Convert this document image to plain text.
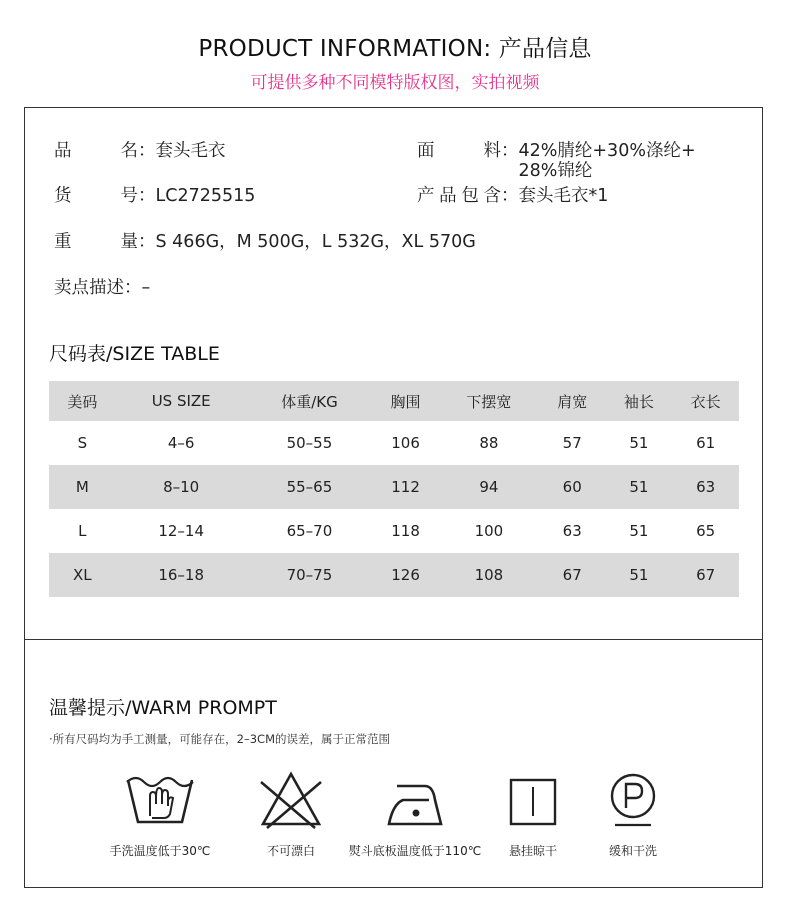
PRODUCT INFORMATION: 产品信息
可提供多种不同模特版权图，实拍视频
品名：套头毛衣
货号：LC2725515
重量：S 466G，M 500G，L 532G，XL 570G
卖点描述：–
面料： 42%腈纶+30%涤纶+
28%锦纶
产品包含：套头毛衣*1
尺码表/SIZE TABLE
美码	US SIZE	体重/KG	胸围	下摆宽	肩宽	袖长	衣长
S	4–6	50–55	106	88	57	51	61
M	8–10	55–65	112	94	60	51	63
L	12–14	65–70	118	100	63	51	65
XL	16–18	70–75	126	108	67	51	67
温馨提示/WARM PROMPT
·所有尺码均为手工测量，可能存在，2–3CM的误差，属于正常范围
手洗温度低于30℃	不可漂白	熨斗底板温度低于110℃	悬挂晾干	缓和干洗
